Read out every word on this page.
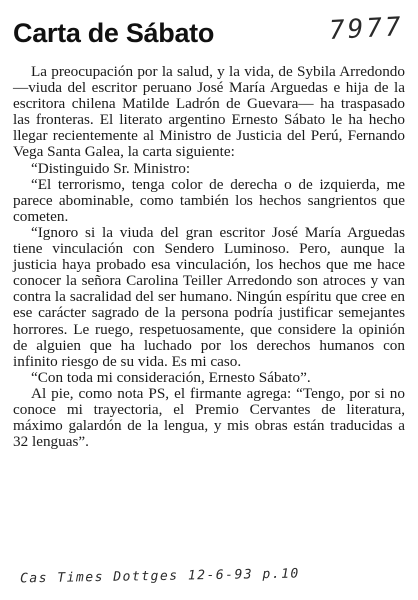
Carta de Sábato	7977

La preocupación por la salud, y la vida, de Sybila Arredondo —viuda del escritor peruano José María Arguedas e hija de la escritora chilena Matilde Ladrón de Guevara— ha traspasado las fronteras. El literato argentino Ernesto Sábato le ha hecho llegar recientemente al Ministro de Justicia del Perú, Fernando Vega Santa Galea, la carta siguiente:

“Distinguido Sr. Ministro:

“El terrorismo, tenga color de derecha o de izquierda, me parece abominable, como también los hechos sangrientos que cometen.

“Ignoro si la viuda del gran escritor José María Arguedas tiene vinculación con Sendero Luminoso. Pero, aunque la justicia haya probado esa vinculación, los hechos que me hace conocer la señora Carolina Teiller Arredondo son atroces y van contra la sacralidad del ser humano. Ningún espíritu que cree en ese carácter sagrado de la persona podría justificar semejantes horrores. Le ruego, respetuosamente, que considere la opinión de alguien que ha luchado por los derechos humanos con infinito riesgo de su vida. Es mi caso.

“Con toda mi consideración, Ernesto Sábato”.

Al pie, como nota PS, el firmante agrega: “Tengo, por si no conoce mi trayectoria, el Premio Cervantes de literatura, máximo galardón de la lengua, y mis obras están traducidas a 32 lenguas”.

Cas Times Dottges 12-6-93 p.10
